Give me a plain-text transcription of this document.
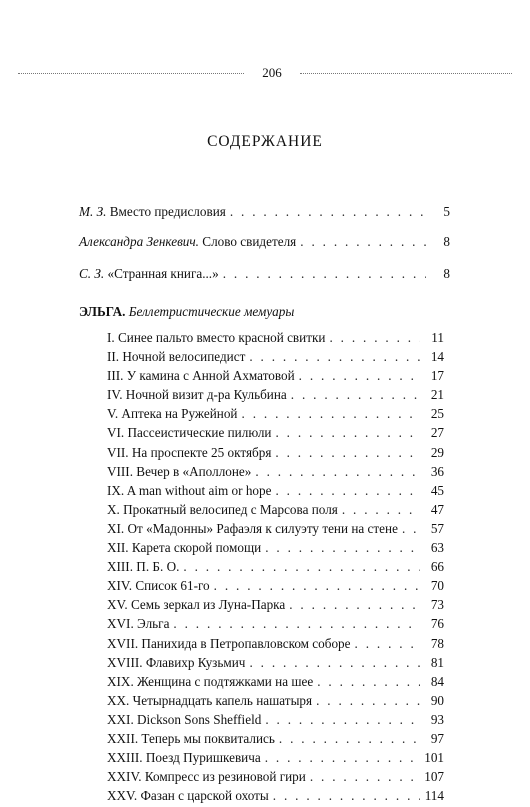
206
СОДЕРЖАНИЕ
М. З. Вместо предисловия . . .	5
Александра Зенкевич. Слово свидетеля . . .	8
С. З. «Странная книга...» . . .	8
ЭЛЬГА. Беллетристические мемуары
I. Синее пальто вместо красной свитки . . .	11
II. Ночной велосипедист . . .	14
III. У камина с Анной Ахматовой . . .	17
IV. Ночной визит д-ра Кульбина . . .	21
V. Аптека на Ружейной . . .	25
VI. Пассеистические пилюли . . .	27
VII. На проспекте 25 октября . . .	29
VIII. Вечер в «Аполлоне» . . .	36
IX. A man without aim or hope . . .	45
X. Прокатный велосипед с Марсова поля . . .	47
XI. От «Мадонны» Рафаэля к силуэту тени на стене . . .	57
XII. Карета скорой помощи . . .	63
XIII. П. Б. О. . . .	66
XIV. Список 61-го . . .	70
XV. Семь зеркал из Луна-Парка . . .	73
XVI. Эльга . . .	76
XVII. Панихида в Петропавловском соборе . . .	78
XVIII. Флавихр Кузьмич . . .	81
XIX. Женщина с подтяжками на шее . . .	84
XX. Четырнадцать капель нашатыря . . .	90
XXI. Dickson Sons Sheffield . . .	93
XXII. Теперь мы поквитались . . .	97
XXIII. Поезд Пуришкевича . . .	101
XXIV. Компресс из резиновой гири . . .	107
XXV. Фазан с царской охоты . . .	114
